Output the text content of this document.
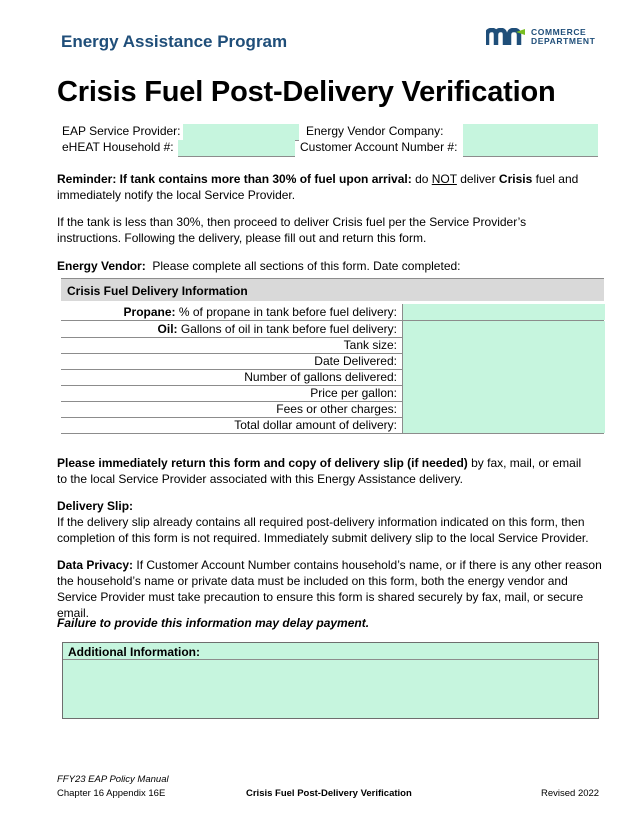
Energy Assistance Program	COMMERCE
DEPARTMENT
Crisis Fuel Post-Delivery Verification
EAP Service Provider:	Energy Vendor Company:
eHEAT Household #:	Customer Account Number #:
Reminder: If tank contains more than 30% of fuel upon arrival: do NOT deliver Crisis fuel and immediately notify the local Service Provider.
If the tank is less than 30%, then proceed to deliver Crisis fuel per the Service Provider’s instructions. Following the delivery, please fill out and return this form.
Energy Vendor:  Please complete all sections of this form. Date completed:
Crisis Fuel Delivery Information
Propane: % of propane in tank before fuel delivery:
Oil: Gallons of oil in tank before fuel delivery:
Tank size:
Date Delivered:
Number of gallons delivered:
Price per gallon:
Fees or other charges:
Total dollar amount of delivery:
Please immediately return this form and copy of delivery slip (if needed) by fax, mail, or email to the local Service Provider associated with this Energy Assistance delivery.
Delivery Slip:
If the delivery slip already contains all required post-delivery information indicated on this form, then completion of this form is not required. Immediately submit delivery slip to the local Service Provider.
Data Privacy: If Customer Account Number contains household’s name, or if there is any other reason the household’s name or private data must be included on this form, both the energy vendor and Service Provider must take precaution to ensure this form is shared securely by fax, mail, or secure email.
Failure to provide this information may delay payment.
Additional Information:
FFY23 EAP Policy Manual
Chapter 16 Appendix 16E	Crisis Fuel Post-Delivery Verification	Revised 2022
